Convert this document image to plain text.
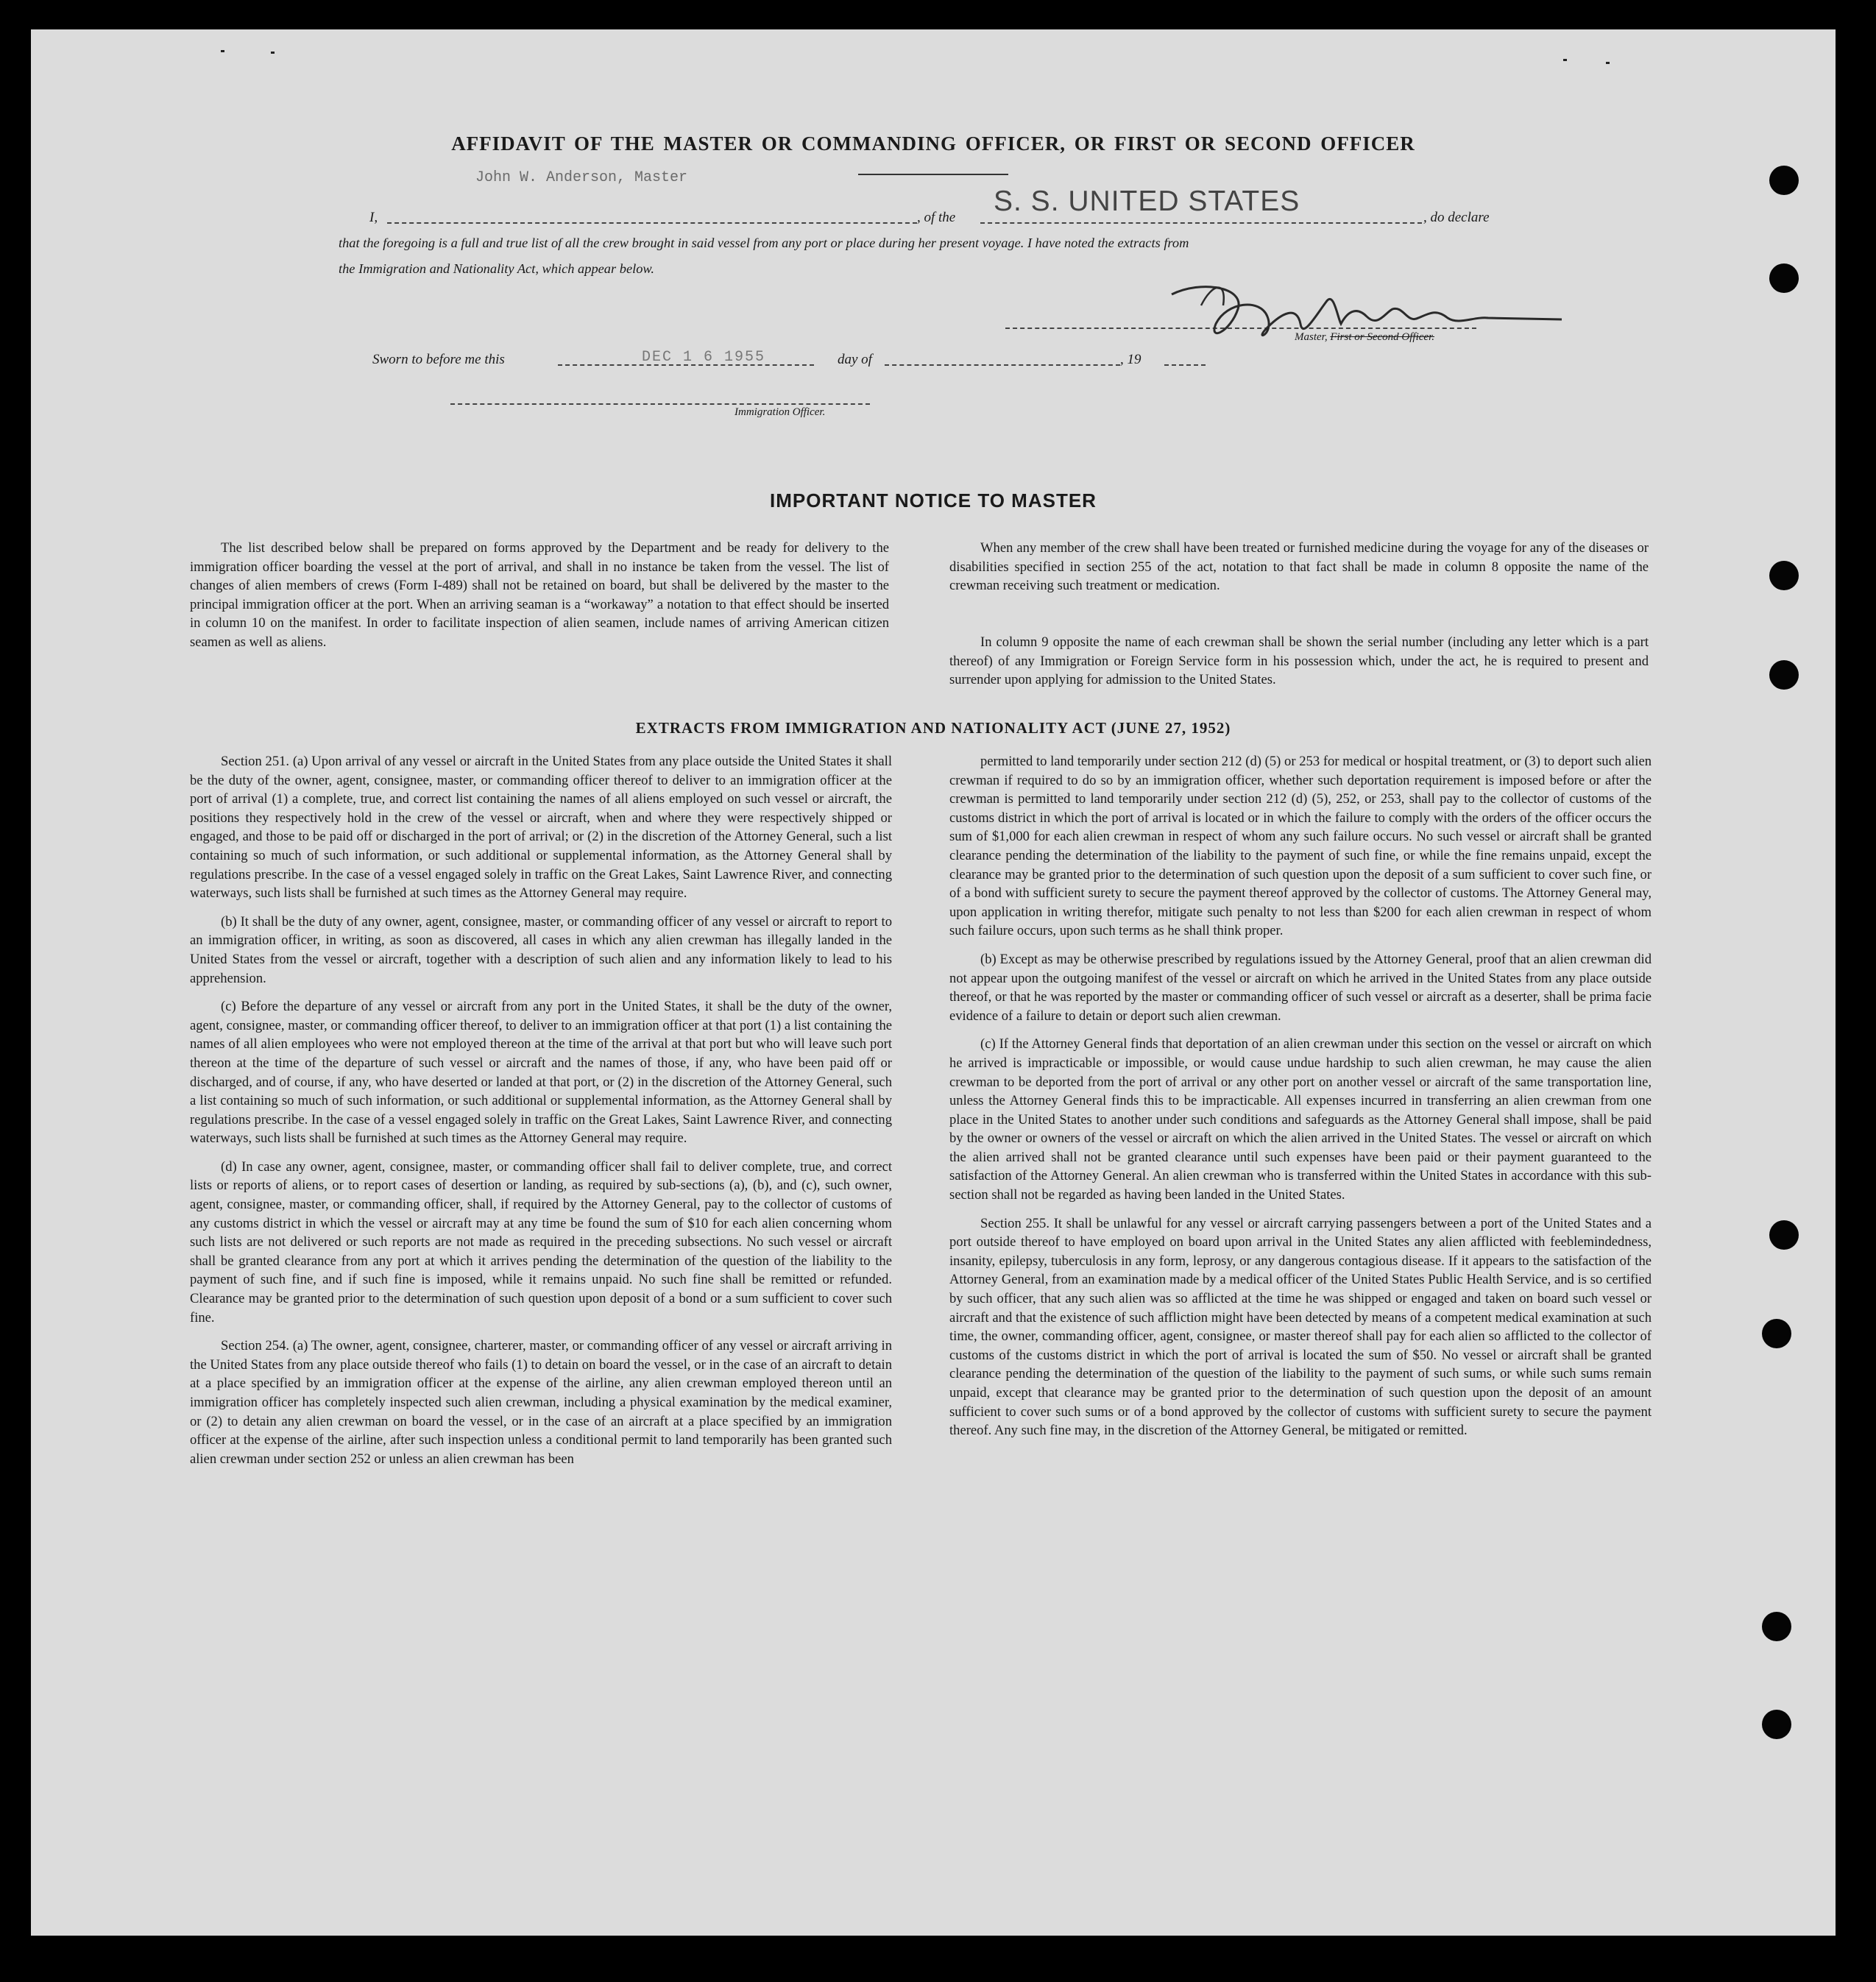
AFFIDAVIT OF THE MASTER OR COMMANDING OFFICER, OR FIRST OR SECOND OFFICER
John W. Anderson, Master
I,	, of the
S. S. UNITED STATES
, do declare
that the foregoing is a full and true list of all the crew brought in said vessel from any port or place during her present voyage. I have noted the extracts from
the Immigration and Nationality Act, which appear below.
Master, First or Second Officer.
Sworn to before me this	DEC 1 6 1955	day of	, 19
Immigration Officer.
IMPORTANT NOTICE TO MASTER

The list described below shall be prepared on forms approved by the Department and be ready for delivery to the immigration officer boarding the vessel at the port of arrival, and shall in no instance be taken from the vessel. The list of changes of alien members of crews (Form I-489) shall not be retained on board, but shall be delivered by the master to the principal immigration officer at the port. When an arriving seaman is a “workaway” a notation to that effect should be inserted in column 10 on the manifest. In order to facilitate inspection of alien seamen, include names of arriving American citizen seamen as well as aliens.

When any member of the crew shall have been treated or furnished medicine during the voyage for any of the diseases or disabilities specified in section 255 of the act, notation to that fact shall be made in column 8 opposite the name of the crewman receiving such treatment or medication.

In column 9 opposite the name of each crewman shall be shown the serial number (including any letter which is a part thereof) of any Immigration or Foreign Service form in his possession which, under the act, he is required to present and surrender upon applying for admission to the United States.

EXTRACTS FROM IMMIGRATION AND NATIONALITY ACT (JUNE 27, 1952)

Section 251. (a) Upon arrival of any vessel or aircraft in the United States from any place outside the United States it shall be the duty of the owner, agent, consignee, master, or commanding officer thereof to deliver to an immigration officer at the port of arrival (1) a complete, true, and correct list containing the names of all aliens employed on such vessel or aircraft, the positions they respectively hold in the crew of the vessel or aircraft, when and where they were respectively shipped or engaged, and those to be paid off or discharged in the port of arrival; or (2) in the discretion of the Attorney General, such a list containing so much of such information, or such additional or supplemental information, as the Attorney General shall by regulations prescribe. In the case of a vessel engaged solely in traffic on the Great Lakes, Saint Lawrence River, and connecting waterways, such lists shall be furnished at such times as the Attorney General may require.

(b) It shall be the duty of any owner, agent, consignee, master, or commanding officer of any vessel or aircraft to report to an immigration officer, in writing, as soon as discovered, all cases in which any alien crewman has illegally landed in the United States from the vessel or aircraft, together with a description of such alien and any information likely to lead to his apprehension.

(c) Before the departure of any vessel or aircraft from any port in the United States, it shall be the duty of the owner, agent, consignee, master, or commanding officer thereof, to deliver to an immigration officer at that port (1) a list containing the names of all alien employees who were not employed thereon at the time of the arrival at that port but who will leave such port thereon at the time of the departure of such vessel or aircraft and the names of those, if any, who have been paid off or discharged, and of course, if any, who have deserted or landed at that port, or (2) in the discretion of the Attorney General, such a list containing so much of such information, or such additional or supplemental information, as the Attorney General shall by regulations prescribe. In the case of a vessel engaged solely in traffic on the Great Lakes, Saint Lawrence River, and connecting waterways, such lists shall be furnished at such times as the Attorney General may require.

(d) In case any owner, agent, consignee, master, or commanding officer shall fail to deliver complete, true, and correct lists or reports of aliens, or to report cases of desertion or landing, as required by sub-sections (a), (b), and (c), such owner, agent, consignee, master, or commanding officer, shall, if required by the Attorney General, pay to the collector of customs of any customs district in which the vessel or aircraft may at any time be found the sum of $10 for each alien concerning whom such lists are not delivered or such reports are not made as required in the preceding subsections. No such vessel or aircraft shall be granted clearance from any port at which it arrives pending the determination of the question of the liability to the payment of such fine, and if such fine is imposed, while it remains unpaid. No such fine shall be remitted or refunded. Clearance may be granted prior to the determination of such question upon deposit of a bond or a sum sufficient to cover such fine.

Section 254. (a) The owner, agent, consignee, charterer, master, or commanding officer of any vessel or aircraft arriving in the United States from any place outside thereof who fails (1) to detain on board the vessel, or in the case of an aircraft to detain at a place specified by an immigration officer at the expense of the airline, any alien crewman employed thereon until an immigration officer has completely inspected such alien crewman, including a physical examination by the medical examiner, or (2) to detain any alien crewman on board the vessel, or in the case of an aircraft at a place specified by an immigration officer at the expense of the airline, after such inspection unless a conditional permit to land temporarily has been granted such alien crewman under section 252 or unless an alien crewman has been

permitted to land temporarily under section 212 (d) (5) or 253 for medical or hospital treatment, or (3) to deport such alien crewman if required to do so by an immigration officer, whether such deportation requirement is imposed before or after the crewman is permitted to land temporarily under section 212 (d) (5), 252, or 253, shall pay to the collector of customs of the customs district in which the port of arrival is located or in which the failure to comply with the orders of the officer occurs the sum of $1,000 for each alien crewman in respect of whom any such failure occurs. No such vessel or aircraft shall be granted clearance pending the determination of the liability to the payment of such fine, or while the fine remains unpaid, except the clearance may be granted prior to the determination of such question upon the deposit of a sum sufficient to cover such fine, or of a bond with sufficient surety to secure the payment thereof approved by the collector of customs. The Attorney General may, upon application in writing therefor, mitigate such penalty to not less than $200 for each alien crewman in respect of whom such failure occurs, upon such terms as he shall think proper.

(b) Except as may be otherwise prescribed by regulations issued by the Attorney General, proof that an alien crewman did not appear upon the outgoing manifest of the vessel or aircraft on which he arrived in the United States from any place outside thereof, or that he was reported by the master or commanding officer of such vessel or aircraft as a deserter, shall be prima facie evidence of a failure to detain or deport such alien crewman.

(c) If the Attorney General finds that deportation of an alien crewman under this section on the vessel or aircraft on which he arrived is impracticable or impossible, or would cause undue hardship to such alien crewman, he may cause the alien crewman to be deported from the port of arrival or any other port on another vessel or aircraft of the same transportation line, unless the Attorney General finds this to be impracticable. All expenses incurred in transferring an alien crewman from one place in the United States to another under such conditions and safeguards as the Attorney General shall impose, shall be paid by the owner or owners of the vessel or aircraft on which the alien arrived in the United States. The vessel or aircraft on which the alien arrived shall not be granted clearance until such expenses have been paid or their payment guaranteed to the satisfaction of the Attorney General. An alien crewman who is transferred within the United States in accordance with this sub-section shall not be regarded as having been landed in the United States.

Section 255. It shall be unlawful for any vessel or aircraft carrying passengers between a port of the United States and a port outside thereof to have employed on board upon arrival in the United States any alien afflicted with feeblemindedness, insanity, epilepsy, tuberculosis in any form, leprosy, or any dangerous contagious disease. If it appears to the satisfaction of the Attorney General, from an examination made by a medical officer of the United States Public Health Service, and is so certified by such officer, that any such alien was so afflicted at the time he was shipped or engaged and taken on board such vessel or aircraft and that the existence of such affliction might have been detected by means of a competent medical examination at such time, the owner, commanding officer, agent, consignee, or master thereof shall pay for each alien so afflicted to the collector of customs of the customs district in which the port of arrival is located the sum of $50. No vessel or aircraft shall be granted clearance pending the determination of the question of the liability to the payment of such sums, or while such sums remain unpaid, except that clearance may be granted prior to the determination of such question upon the deposit of an amount sufficient to cover such sums or of a bond approved by the collector of customs with sufficient surety to secure the payment thereof. Any such fine may, in the discretion of the Attorney General, be mitigated or remitted.
